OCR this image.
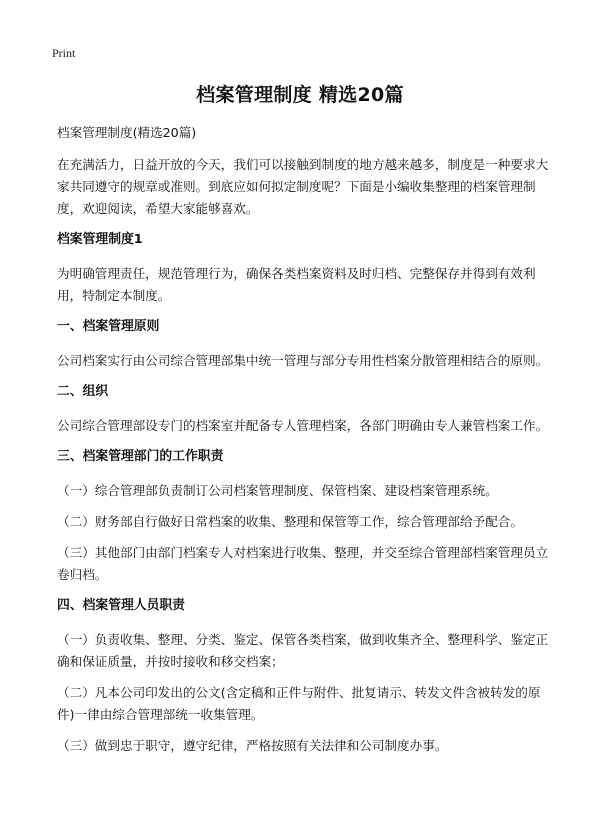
Print
档案管理制度 精选20篇

档案管理制度(精选20篇)

在充满活力，日益开放的今天，我们可以接触到制度的地方越来越多，制度是一种要求大家共同遵守的规章或准则。到底应如何拟定制度呢？下面是小编收集整理的档案管理制度，欢迎阅读，希望大家能够喜欢。

档案管理制度1

为明确管理责任，规范管理行为，确保各类档案资料及时归档、完整保存并得到有效利用，特制定本制度。

一、档案管理原则

公司档案实行由公司综合管理部集中统一管理与部分专用性档案分散管理相结合的原则。

二、组织

公司综合管理部设专门的档案室并配备专人管理档案，各部门明确由专人兼管档案工作。

三、档案管理部门的工作职责

（一）综合管理部负责制订公司档案管理制度、保管档案、建设档案管理系统。

（二）财务部自行做好日常档案的收集、整理和保管等工作，综合管理部给予配合。

（三）其他部门由部门档案专人对档案进行收集、整理，并交至综合管理部档案管理员立卷归档。

四、档案管理人员职责

（一）负责收集、整理、分类、鉴定、保管各类档案，做到收集齐全、整理科学、鉴定正确和保证质量，并按时接收和移交档案；

（二）凡本公司印发出的公文(含定稿和正件与附件、批复请示、转发文件含被转发的原件)一律由综合管理部统一收集管理。

（三）做到忠于职守，遵守纪律，严格按照有关法律和公司制度办事。
